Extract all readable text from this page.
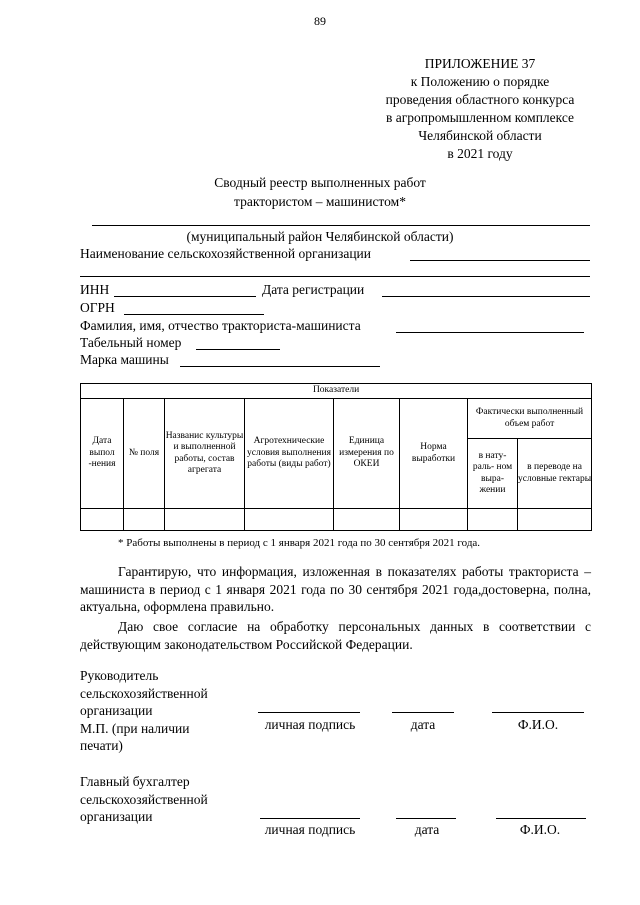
89
ПРИЛОЖЕНИЕ 37
к Положению о порядке
проведения областного конкурса
в агропромышленном комплексе
Челябинской области
в 2021 году
Сводный реестр выполненных работ
трактористом – машинистом*
(муниципальный район Челябинской области)
Наименование сельскохозяйственной организации
ИНН	Дата регистрации
ОГРН
Фамилия, имя, отчество тракториста-машиниста
Табельный номер
Марка машины
Показатели							
Дата выпол -нения	№ поля	Названис культуры и выполненной работы, состав агрегата	Агротехнические условия выполнения работы (виды работ)	Единица измерения по ОКЕИ	Норма выработки	Фактически выполненный объем работ	
						в нату- раль- ном выра- жении	в переводе на условные гектары

* Работы выполнены в период с 1 января 2021 года по 30 сентября 2021 года.
Гарантирую, что информация, изложенная в показателях работы тракториста – машиниста в период с 1 января 2021 года по 30 сентября 2021 года,достоверна, полна, актуальна, оформлена правильно.
Даю свое согласие на обработку персональных данных в соответствии с действующим законодательством Российской Федерации.
Руководитель
сельскохозяйственной
организации
М.П. (при наличии
печати)
личная подпись	дата	Ф.И.О.
Главный бухгалтер
сельскохозяйственной
организации
личная подпись	дата	Ф.И.О.
